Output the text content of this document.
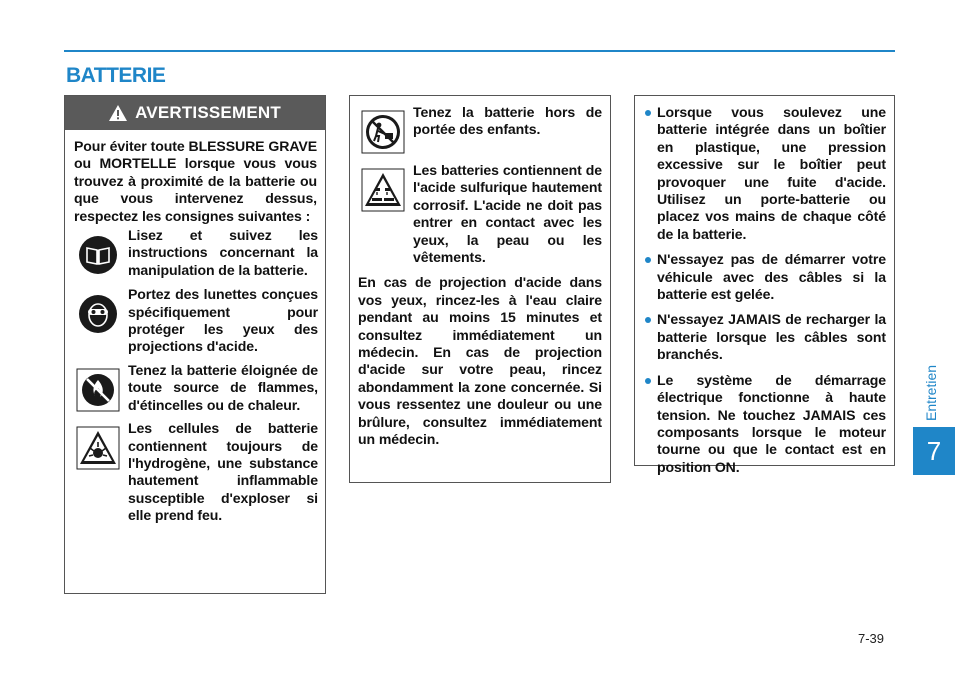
BATTERIE
Entretien
7
7-39
AVERTISSEMENT

Pour éviter toute BLESSURE GRAVE ou MORTELLE lorsque vous vous trouvez à proximité de la batterie ou que vous intervenez dessus, respectez les consignes suivantes :

Lisez et suivez les instructions concernant la manipulation de la batterie.

Portez des lunettes conçues spécifiquement pour protéger les yeux des projections d'acide.

Tenez la batterie éloignée de toute source de flammes, d'étincelles ou de chaleur.

Les cellules de batterie contiennent toujours de l'hydrogène, une substance hautement inflammable susceptible d'exploser si elle prend feu.

Tenez la batterie hors de portée des enfants.

Les batteries contiennent de l'acide sulfurique hautement corrosif. L'acide ne doit pas entrer en contact avec les yeux, la peau ou les vêtements.

En cas de projection d'acide dans vos yeux, rincez-les à l'eau claire pendant au moins 15 minutes et consultez immédiatement un médecin. En cas de projection d'acide sur votre peau, rincez abondamment la zone concernée. Si vous ressentez une douleur ou une brûlure, consultez immédiatement un médecin.

Lorsque vous soulevez une batterie intégrée dans un boîtier en plastique, une pression excessive sur le boîtier peut provoquer une fuite d'acide. Utilisez un porte-batterie ou placez vos mains de chaque côté de la batterie.

N'essayez pas de démarrer votre véhicule avec des câbles si la batterie est gelée.

N'essayez JAMAIS de recharger la batterie lorsque les câbles sont branchés.

Le système de démarrage électrique fonctionne à haute tension. Ne touchez JAMAIS ces composants lorsque le moteur tourne ou que le contact est en position ON.
